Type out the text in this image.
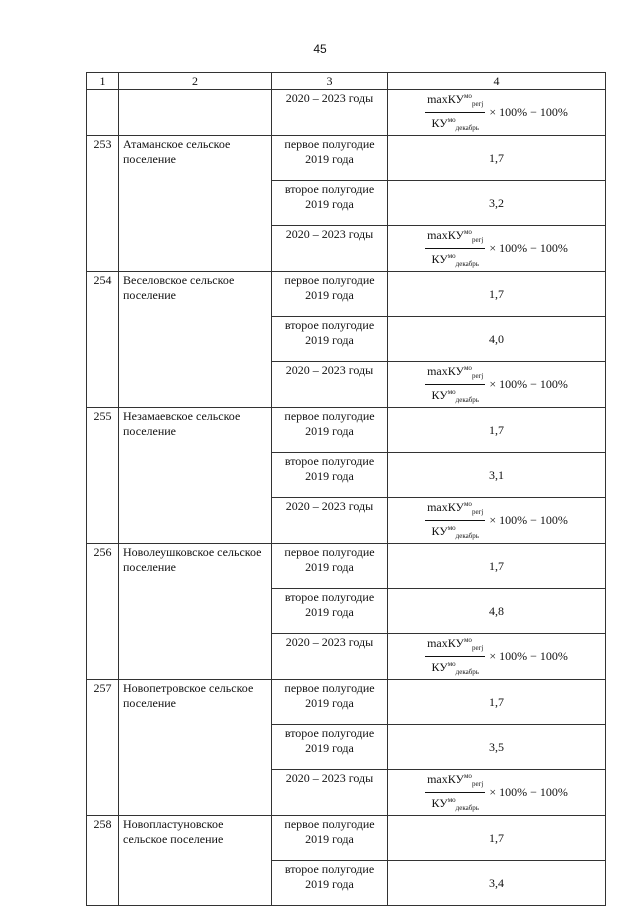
45
1	2	3	4
		2020 – 2023 годы	$\frac{\max КУ^{мо}_{регj}}{КУ^{мо}_{декабрь}} \times 100\% - 100\%$

253	Атаманское сельское поселение	первое полугодие 2019 года	1,7
		второе полугодие 2019 года	3,2
		2020 – 2023 годы	$\frac{\max КУ^{мо}_{регj}}{КУ^{мо}_{декабрь}} \times 100\% - 100\%$

254	Веселовское сельское поселение	первое полугодие 2019 года	1,7
		второе полугодие 2019 года	4,0
		2020 – 2023 годы	$\frac{\max КУ^{мо}_{регj}}{КУ^{мо}_{декабрь}} \times 100\% - 100\%$

255	Незамаевское сельское поселение	первое полугодие 2019 года	1,7
		второе полугодие 2019 года	3,1
		2020 – 2023 годы	$\frac{\max КУ^{мо}_{регj}}{КУ^{мо}_{декабрь}} \times 100\% - 100\%$

256	Новолеушковское сельское поселение	первое полугодие 2019 года	1,7
		второе полугодие 2019 года	4,8
		2020 – 2023 годы	$\frac{\max КУ^{мо}_{регj}}{КУ^{мо}_{декабрь}} \times 100\% - 100\%$

257	Новопетровское сельское поселение	первое полугодие 2019 года	1,7
		второе полугодие 2019 года	3,5
		2020 – 2023 годы	$\frac{\max КУ^{мо}_{регj}}{КУ^{мо}_{декабрь}} \times 100\% - 100\%$

258	Новопластуновское сельское поселение	первое полугодие 2019 года	1,7
		второе полугодие 2019 года	3,4
